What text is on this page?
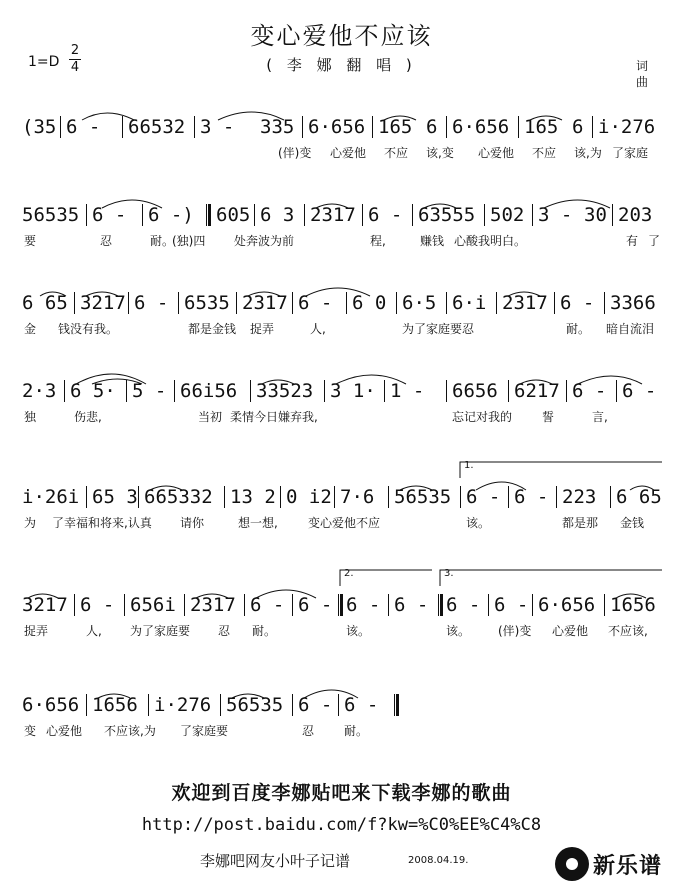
变心爱他不应该
( 李 娜 翻 唱 )
1=D
2
4	词
曲
(35 6 - 66532 3 - 335 6·656 165 6 6·656 165 6 i·276
(伴)变 心爱他 不应 该,变 心爱他 不应 该,为 了家庭
56535 6 - 6 -) 605 6 3 2317 6 - 63555 502 3 - 30 203
要	忍	耐。
(独)四 处奔波为前	程,	赚钱 心酸我明白。	有 了
6 65 3217 6 - 6535 2317 6 - 6 0 6·5 6·i 2317 6 - 3366
金 钱没有我。	都是金钱 捉弄	人,	为了家庭要忍	耐。 暗自流泪
2·3 6 5· 5 - 66i56 33523 3 1· 1 - 6656 6217 6 - 6 -
独	伤悲,	当初 柔情今日嫌弃我,	忘记对我的 誓	言,
1.
i·26i 65 3 665332 13 2 0 i2 7·6 56535 6 - 6 - 223 6 65
为 了幸福和将来,认真 请你	想一想,	变心爱他不应	该。	都是那 金钱
2.	3.
3217 6 - 656i 2317 6 - 6 - 6 - 6 - 6 - 6 - 6·656 1656
捉弄	人, 为了家庭要 忍 耐。	该。	该。 (伴)变 心爱他 不应该,
6·656 1656 i·276 56535 6 - 6 -
变 心爱他 不应该,为 了家庭要	忍 耐。
欢迎到百度李娜贴吧来下载李娜的歌曲
http://post.baidu.com/f?kw=%C0%EE%C4%C8
李娜吧网友小叶子记谱	2008.04.19.	新乐谱
